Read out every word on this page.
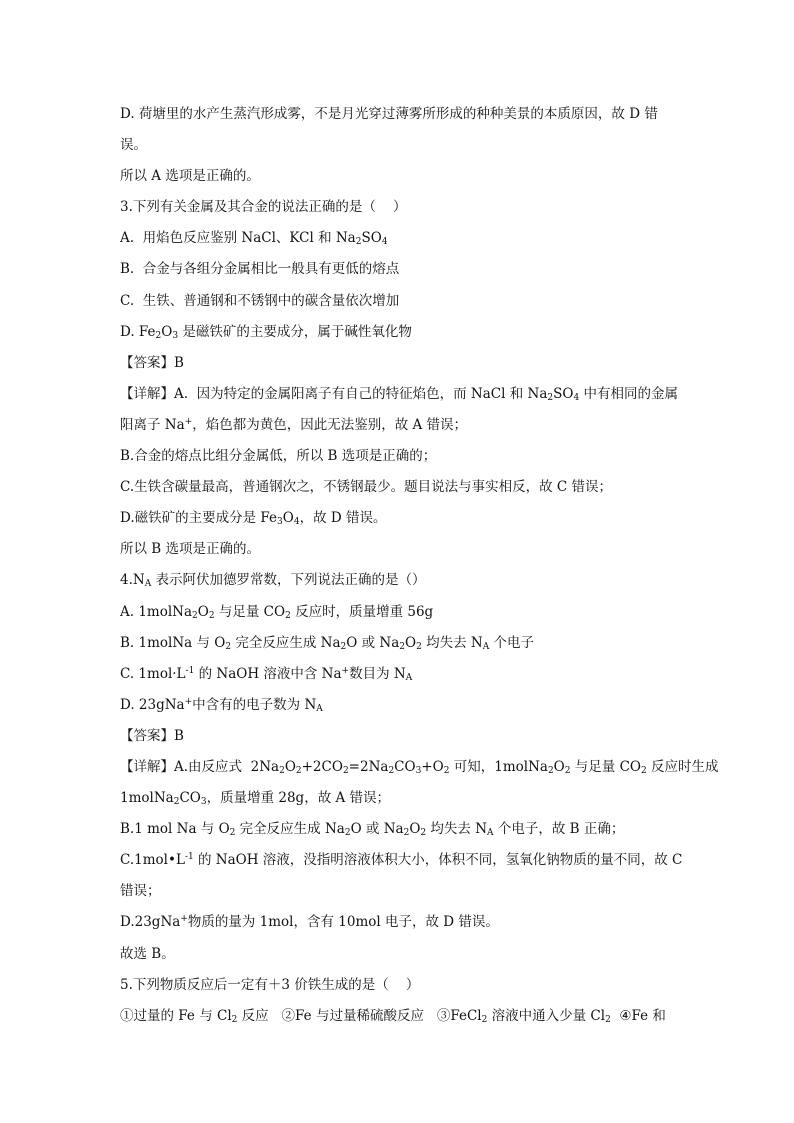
D. 荷塘里的水产生蒸汽形成雾，不是月光穿过薄雾所形成的种种美景的本质原因，故 D 错
误。
所以 A 选项是正确的。
3.下列有关金属及其合金的说法正确的是（    ）
A.  用焰色反应鉴别 NaCl、KCl 和 $Na_2SO_4$
B.  合金与各组分金属相比一般具有更低的熔点
C.  生铁、普通钢和不锈钢中的碳含量依次增加
D. $Fe_2O_3$ 是磁铁矿的主要成分，属于碱性氧化物
【答案】B
【详解】A.  因为特定的金属阳离子有自己的特征焰色，而 NaCl 和 $Na_2SO_4$ 中有相同的金属
阳离子 Na+，焰色都为黄色，因此无法鉴别，故 A 错误；
B.合金的熔点比组分金属低，所以 B 选项是正确的；
C.生铁含碳量最高，普通钢次之，不锈钢最少。题目说法与事实相反，故 C 错误；
D.磁铁矿的主要成分是 $Fe_3O_4$，故 D 错误。
所以 B 选项是正确的。
$4.N_A$ 表示阿伏加德罗常数，下列说法正确的是（）
A. $1molNa_2O_2$ 与足量 $CO_2$ 反应时，质量增重 56g
B. 1molNa 与 $O_2$ 完全反应生成 $Na_2O$ 或 $Na_2O_2$ 均失去 $N_A$ 个电子
C. $1mol\cdot L^{-1}$ 的 NaOH 溶液中含 Na+数目为 $N_A$
D. 23gNa+中含有的电子数为 $N_A$
【答案】B
【详解】A.由反应式  $2Na_2O_2+2CO_2=2Na_2CO_3+O_2$ 可知，$1molNa_2O_2$ 与足量 $CO_2$ 反应时生成
$1molNa_2CO_3$，质量增重 28g，故 A 错误；
B.1 mol Na 与 $O_2$ 完全反应生成 $Na_2O$ 或 $Na_2O_2$ 均失去 $N_A$ 个电子，故 B 正确；
$C.1mol•L^{-1}$ 的 NaOH 溶液，没指明溶液体积大小，体积不同，氢氧化钠物质的量不同，故 C
错误；
D.23gNa+物质的量为 1mol，含有 10mol 电子，故 D 错误。
故选 B。
5.下列物质反应后一定有＋3 价铁生成的是（    ）
①过量的 Fe 与 $Cl_2$ 反应   ②Fe 与过量稀硫酸反应   ③FeCl$_2$ 溶液中通入少量 $Cl_2$  ④Fe 和
